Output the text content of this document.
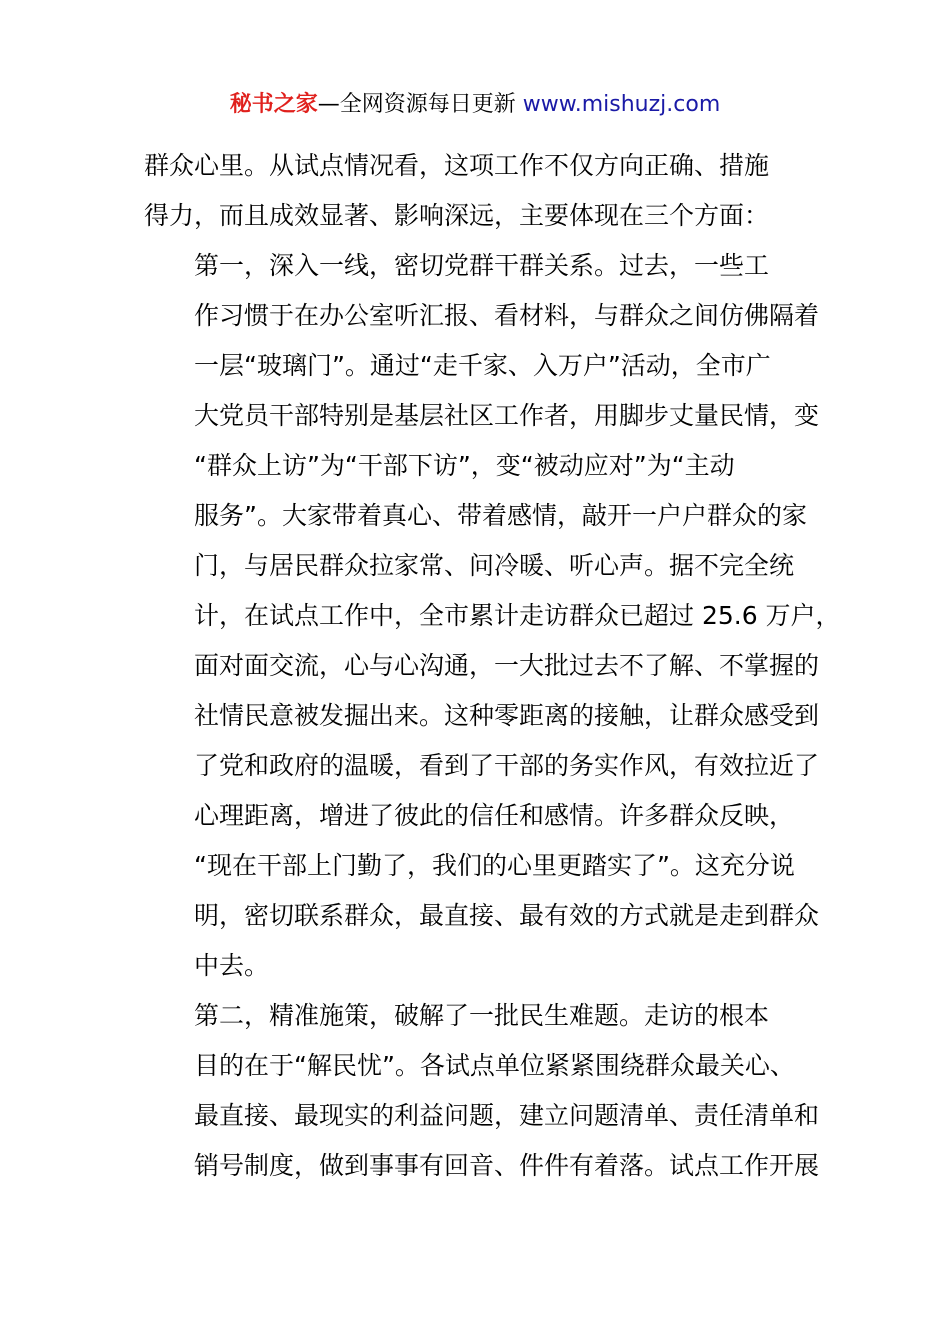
秘书之家—全网资源每日更新 www.mishuzj.com

群众心里。从试点情况看，这项工作不仅方向正确、措施
得力，而且成效显著、影响深远，主要体现在三个方面：

第一，深入一线，密切党群干群关系。过去，一些工
作习惯于在办公室听汇报、看材料，与群众之间仿佛隔着
一层“玻璃门”。通过“走千家、入万户”活动，全市广
大党员干部特别是基层社区工作者，用脚步丈量民情，变
“群众上访”为“干部下访”，变“被动应对”为“主动
服务”。大家带着真心、带着感情，敲开一户户群众的家
门，与居民群众拉家常、问冷暖、听心声。据不完全统
计，在试点工作中，全市累计走访群众已超过 25.6 万户，
面对面交流，心与心沟通，一大批过去不了解、不掌握的
社情民意被发掘出来。这种零距离的接触，让群众感受到
了党和政府的温暖，看到了干部的务实作风，有效拉近了
心理距离，增进了彼此的信任和感情。许多群众反映，
“现在干部上门勤了，我们的心里更踏实了”。这充分说
明，密切联系群众，最直接、最有效的方式就是走到群众
中去。

第二，精准施策，破解了一批民生难题。走访的根本
目的在于“解民忧”。各试点单位紧紧围绕群众最关心、
最直接、最现实的利益问题，建立问题清单、责任清单和
销号制度，做到事事有回音、件件有着落。试点工作开展
